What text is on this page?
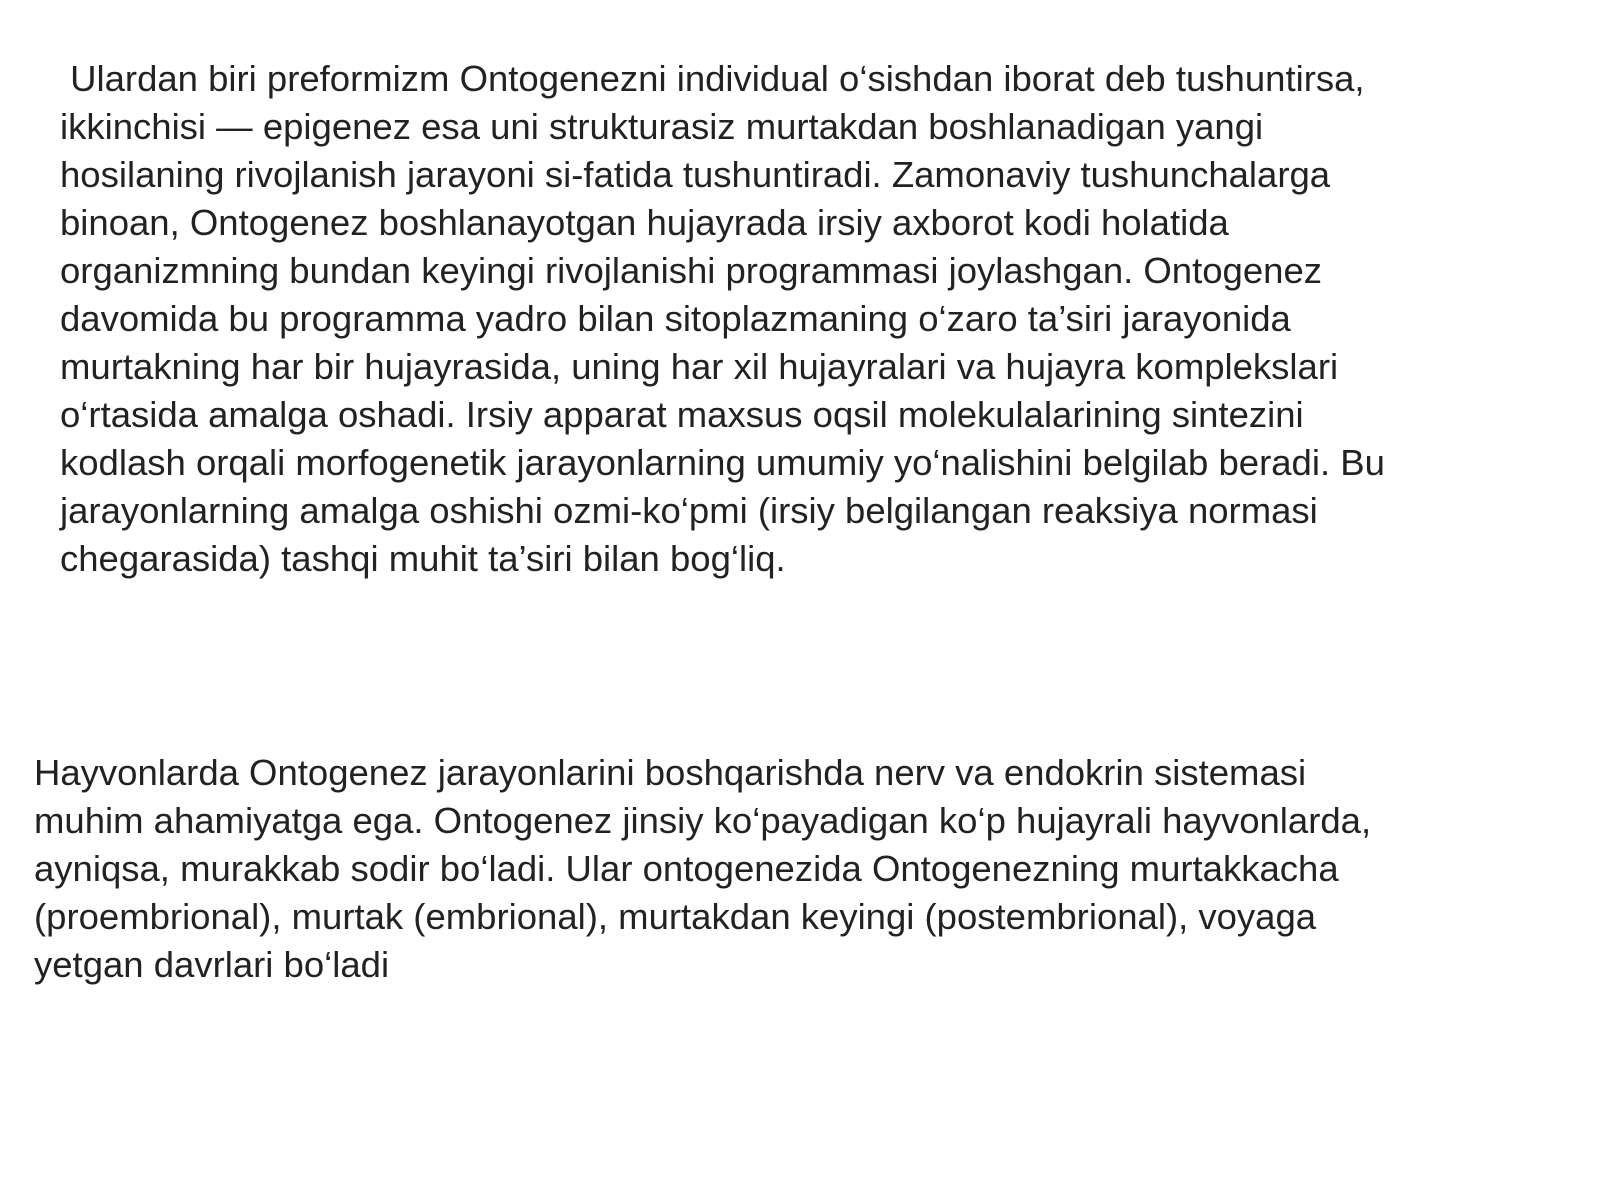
Ulardan biri preformizm Ontogenezni individual o‘sishdan iborat deb tushuntirsa,
ikkinchisi — epigenez esa uni strukturasiz murtakdan boshlanadigan yangi
hosilaning rivojlanish jarayoni si-fatida tushuntiradi. Zamonaviy tushunchalarga
binoan, Ontogenez boshlanayotgan hujayrada irsiy axborot kodi holatida
organizmning bundan keyingi rivojlanishi programmasi joylashgan. Ontogenez
davomida bu programma yadro bilan sitoplazmaning o‘zaro ta’siri jarayonida
murtakning har bir hujayrasida, uning har xil hujayralari va hujayra komplekslari
o‘rtasida amalga oshadi. Irsiy apparat maxsus oqsil molekulalarining sintezini
kodlash orqali morfogenetik jarayonlarning umumiy yo‘nalishini belgilab beradi. Bu
jarayonlarning amalga oshishi ozmi-ko‘pmi (irsiy belgilangan reaksiya normasi
chegarasida) tashqi muhit ta’siri bilan bog‘liq.
Hayvonlarda Ontogenez jarayonlarini boshqarishda nerv va endokrin sistemasi
muhim ahamiyatga ega. Ontogenez jinsiy ko‘payadigan ko‘p hujayrali hayvonlarda,
ayniqsa, murakkab sodir bo‘ladi. Ular ontogenezida Ontogenezning murtakkacha
(proembrional), murtak (embrional), murtakdan keyingi (postembrional), voyaga
yetgan davrlari bo‘ladi
